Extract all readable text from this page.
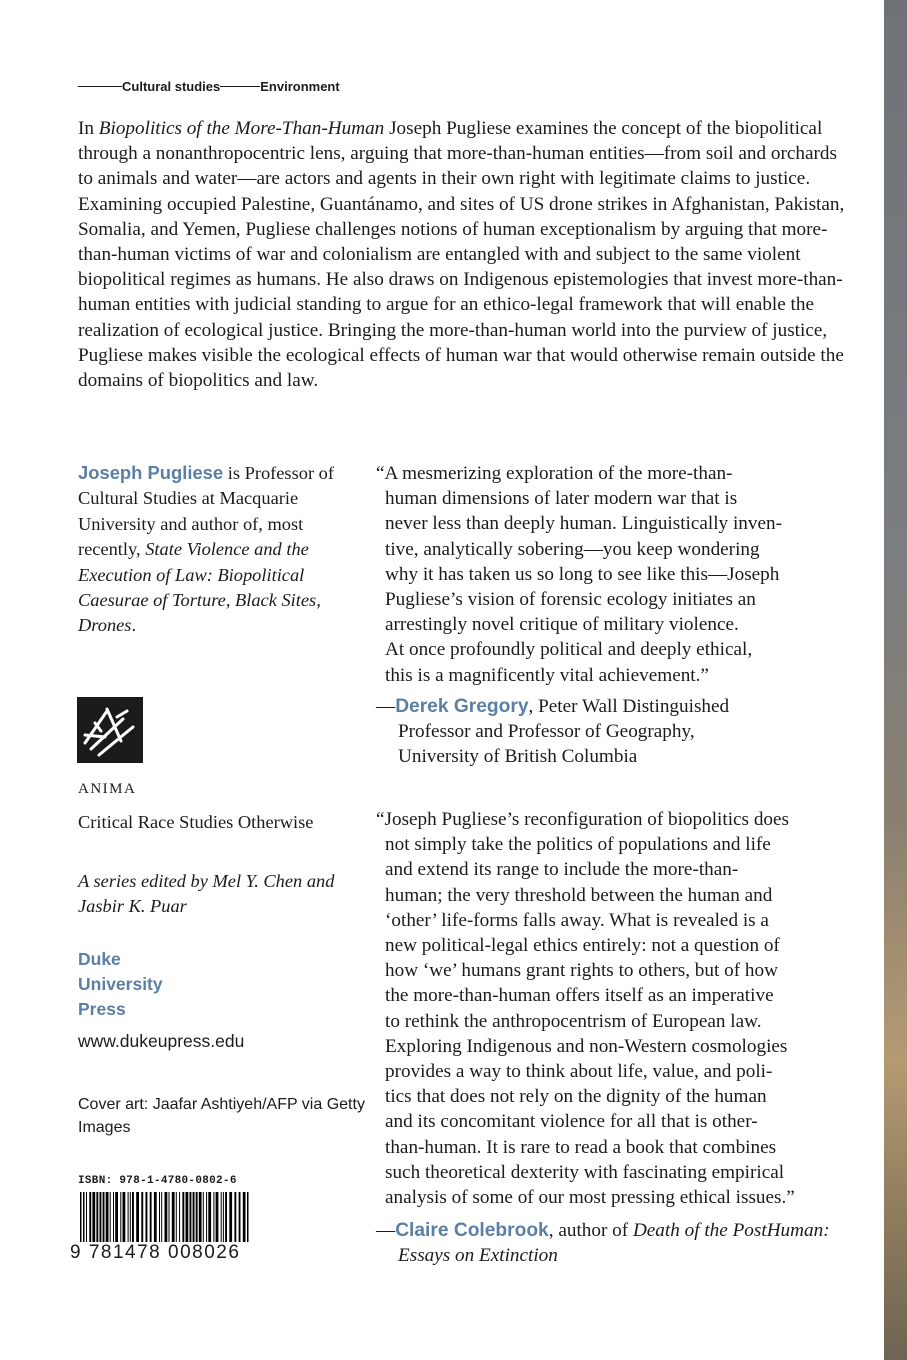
Cultural studies	Environment

In Biopolitics of the More-Than-Human Joseph Pugliese examines the concept of the biopolitical through a nonanthropocentric lens, arguing that more-than-human entities—from soil and orchards to animals and water—are actors and agents in their own right with legitimate claims to justice. Examining occupied Palestine, Guantánamo, and sites of US drone strikes in Afghanistan, Pakistan, Somalia, and Yemen, Pugliese challenges notions of human exceptionalism by arguing that more-than-human victims of war and colonialism are entangled with and subject to the same violent biopolitical regimes as humans. He also draws on Indigenous epistemologies that invest more-than-human entities with judicial standing to argue for an ethico-legal framework that will enable the realization of ecological justice. Bringing the more-than-human world into the purview of justice, Pugliese makes visible the ecological effects of human war that would otherwise remain outside the domains of biopolitics and law.

Joseph Pugliese is Professor of Cultural Studies at Macquarie University and author of, most recently, State Violence and the Execution of Law: Biopolitical Caesurae of Torture, Black Sites, Drones.

ANIMA
Critical Race Studies Otherwise
A series edited by Mel Y. Chen and Jasbir K. Puar
Duke
University
Press
www.dukeupress.edu
Cover art: Jaafar Ashtiyeh/AFP via Getty Images
ISBN: 978-1-4780-0802-6
9 781478 008026
“A mesmerizing exploration of the more-than-
human dimensions of later modern war that is
never less than deeply human. Linguistically inven-
tive, analytically sobering—you keep wondering
why it has taken us so long to see like this—Joseph
Pugliese’s vision of forensic ecology initiates an
arrestingly novel critique of military violence.
At once profoundly political and deeply ethical,
this is a magnificently vital achievement.”
—Derek Gregory, Peter Wall Distinguished
Professor and Professor of Geography,
University of British Columbia
“Joseph Pugliese’s reconfiguration of biopolitics does
not simply take the politics of populations and life
and extend its range to include the more-than-
human; the very threshold between the human and
‘other’ life-forms falls away. What is revealed is a
new political-legal ethics entirely: not a question of
how ‘we’ humans grant rights to others, but of how
the more-than-human offers itself as an imperative
to rethink the anthropocentrism of European law.
Exploring Indigenous and non-Western cosmologies
provides a way to think about life, value, and poli-
tics that does not rely on the dignity of the human
and its concomitant violence for all that is other-
than-human. It is rare to read a book that combines
such theoretical dexterity with fascinating empirical
analysis of some of our most pressing ethical issues.”
—Claire Colebrook, author of Death of the PostHuman:
Essays on Extinction
